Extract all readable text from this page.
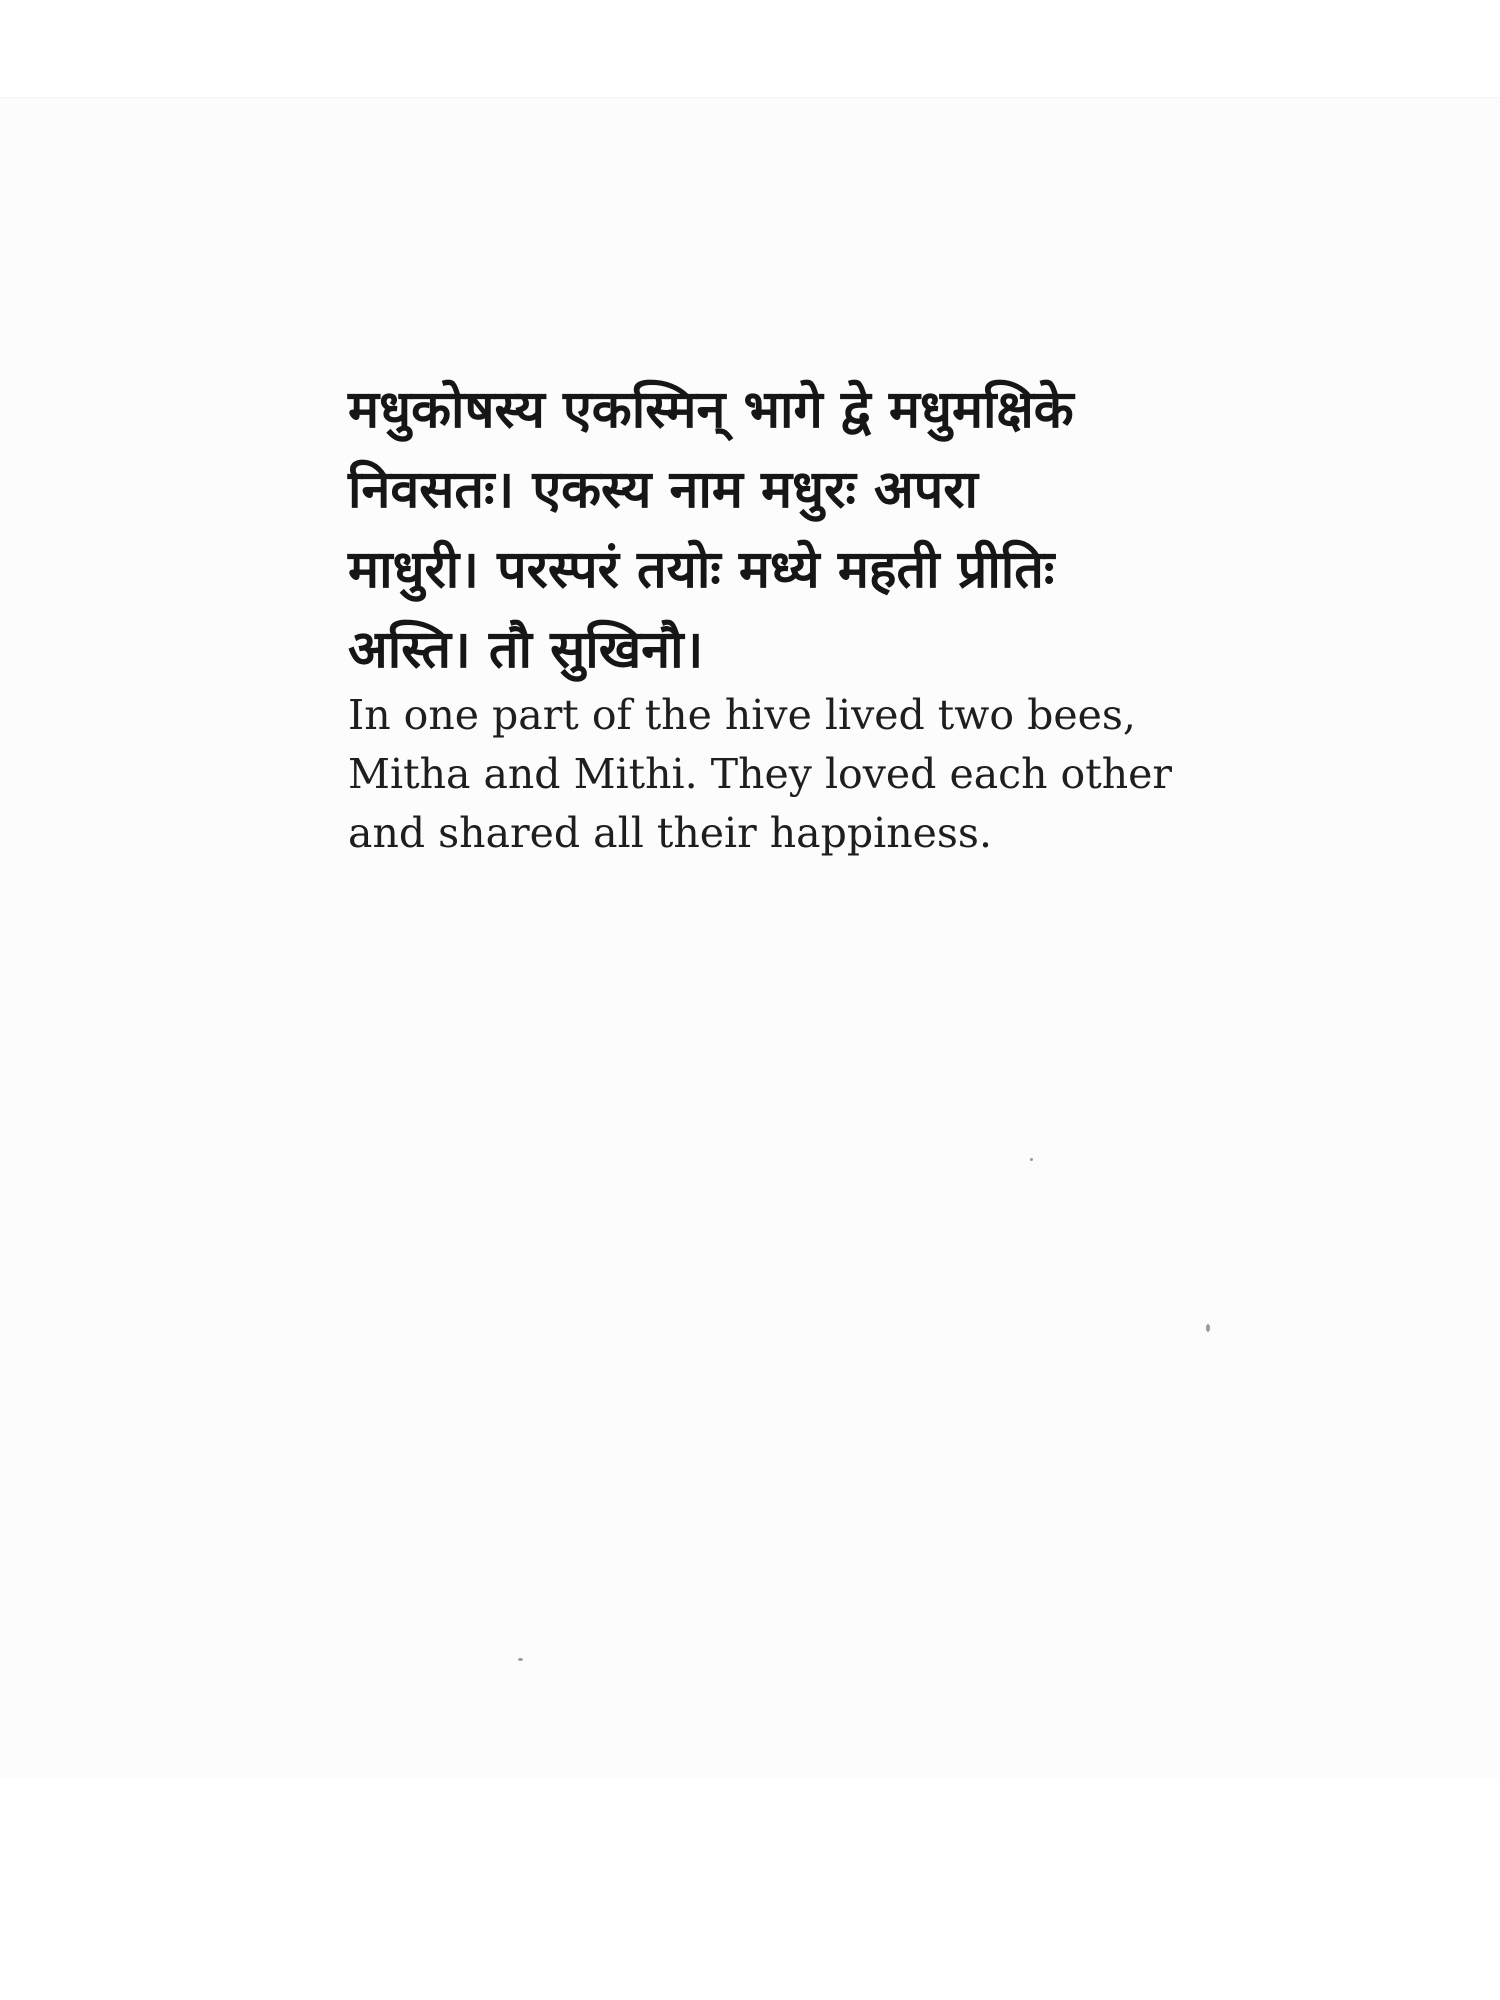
मधुकोषस्य एकस्मिन् भागे द्वे मधुमक्षिके
निवसतः। एकस्य नाम मधुरः अपरा
माधुरी। परस्परं तयोः मध्ये महती प्रीतिः
अस्ति। तौ सुखिनौ।
In one part of the hive lived two bees,
Mitha and Mithi. They loved each other
and shared all their happiness.
